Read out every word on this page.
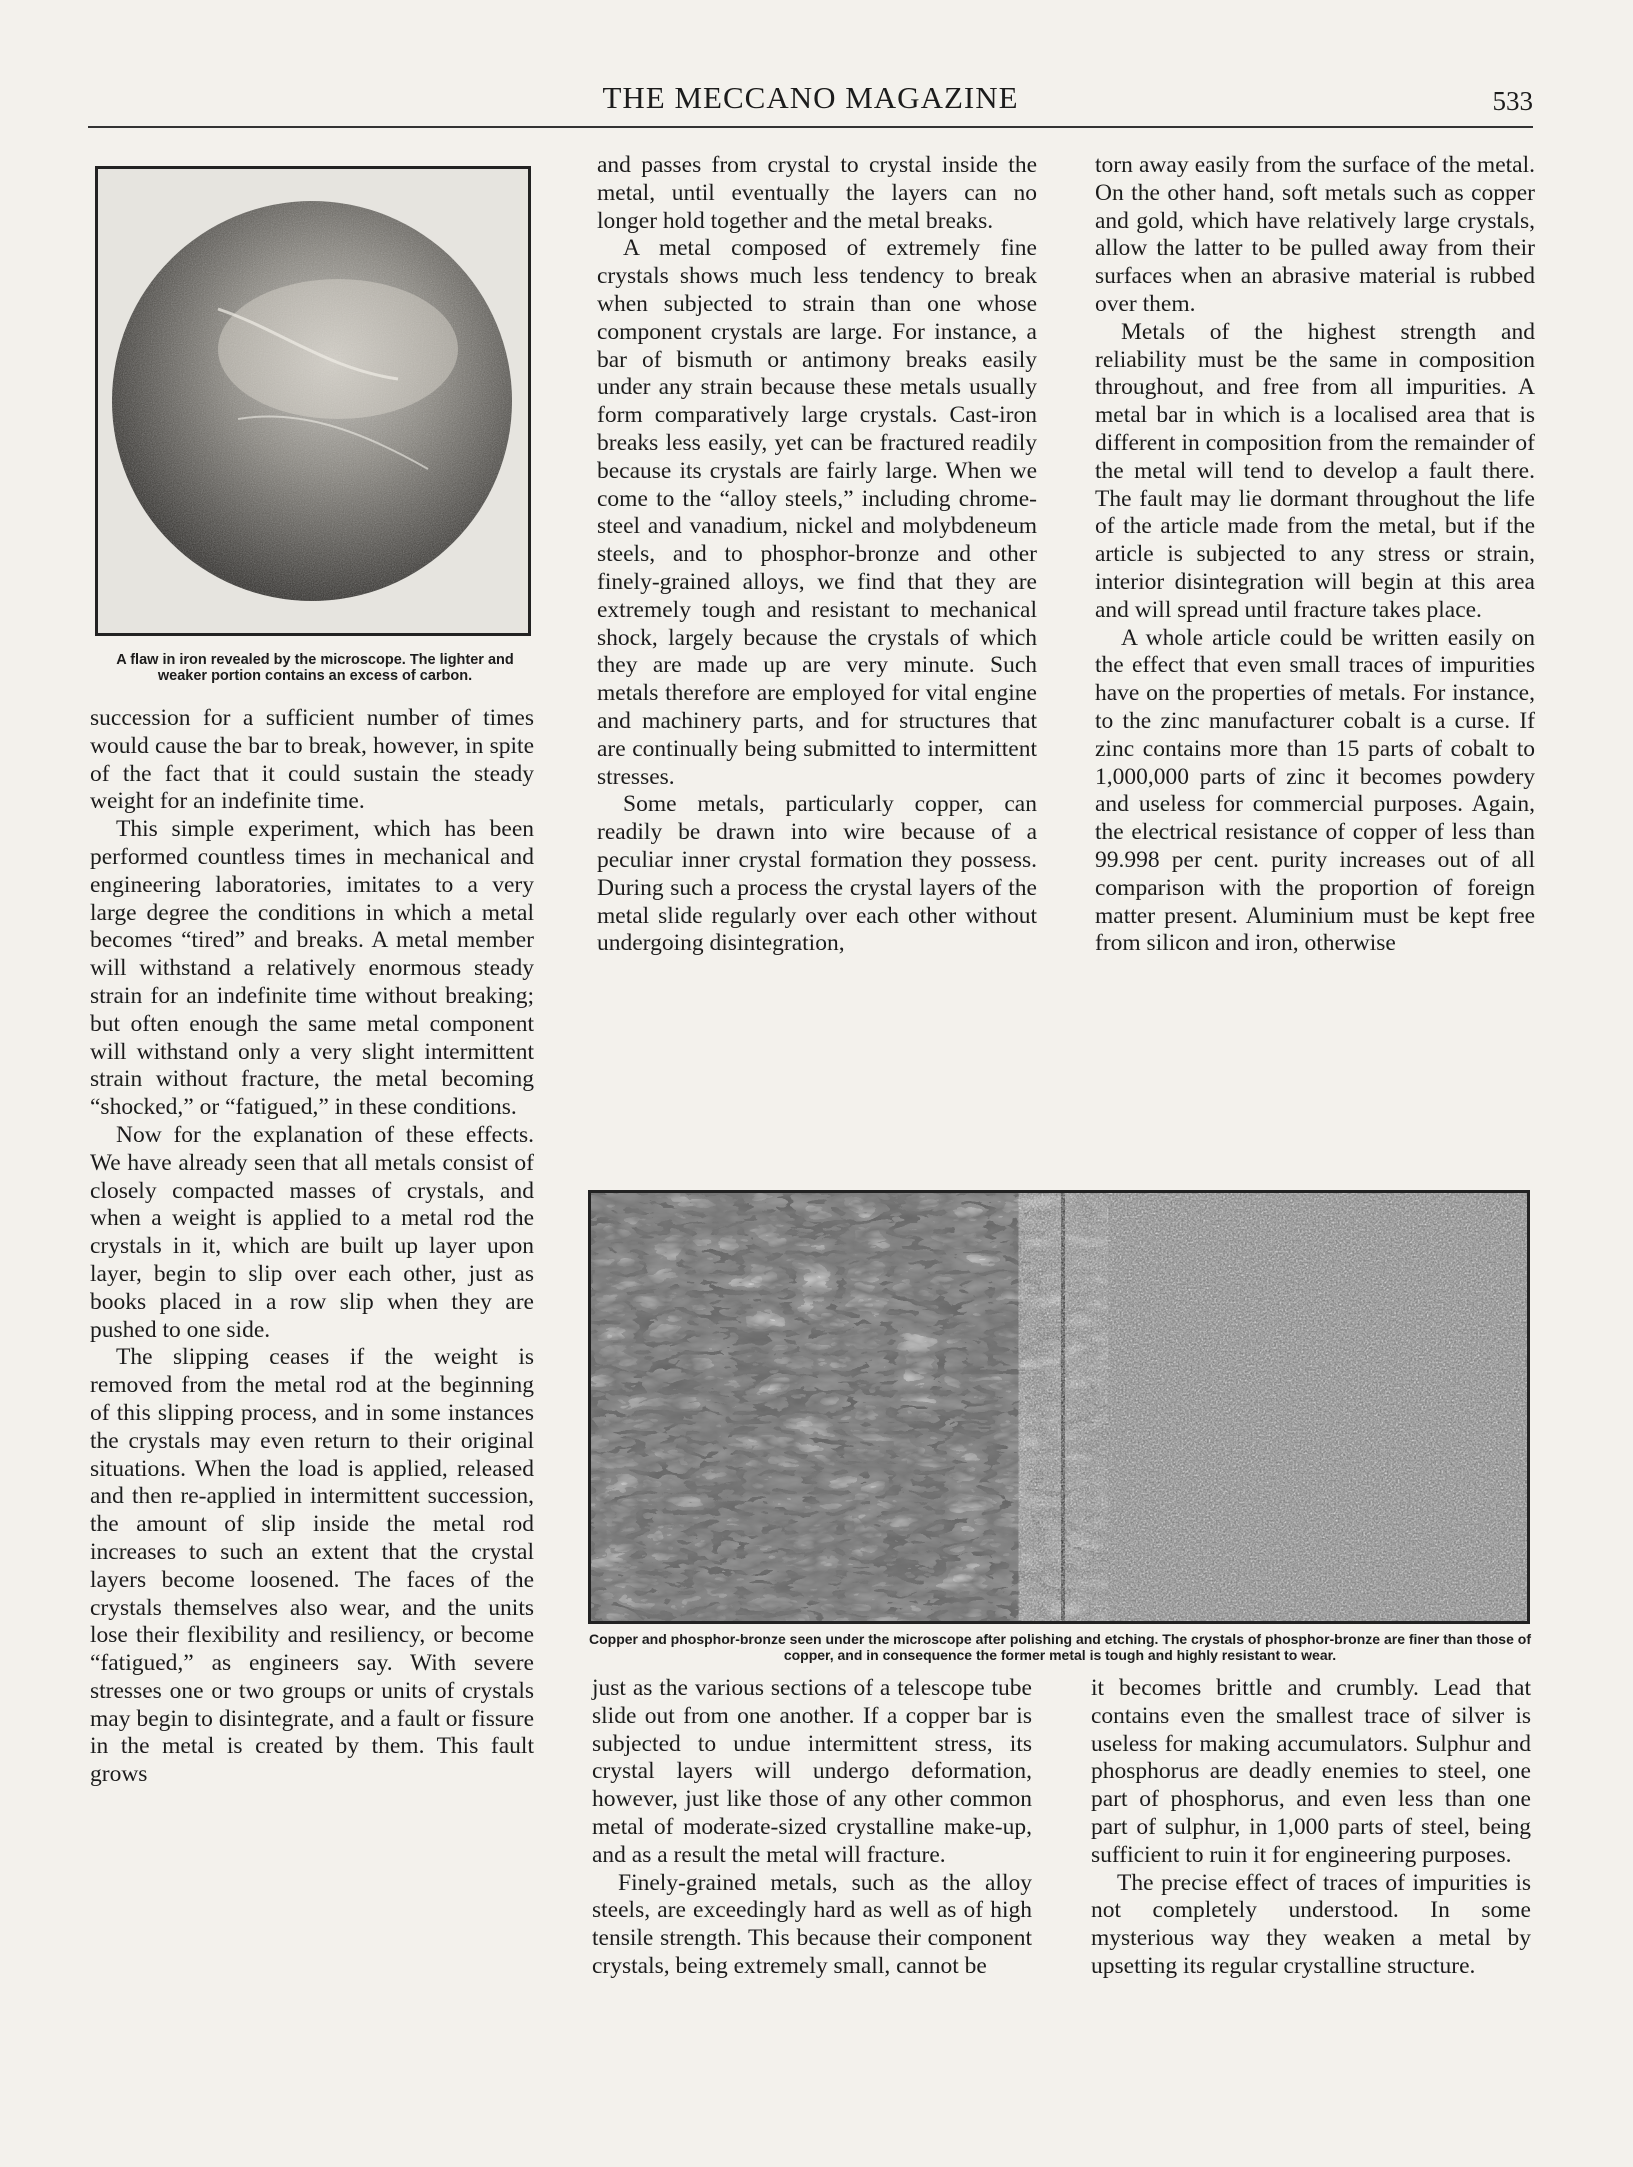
THE MECCANO MAGAZINE	533
A flaw in iron revealed by the microscope. The lighter and weaker portion contains an excess of carbon.

succession for a sufficient number of times would cause the bar to break, however, in spite of the fact that it could sustain the steady weight for an indefinite time.

This simple experiment, which has been performed countless times in mechanical and engineering laboratories, imitates to a very large degree the conditions in which a metal becomes “tired” and breaks. A metal member will withstand a relatively enormous steady strain for an indefinite time without breaking; but often enough the same metal component will withstand only a very slight intermittent strain without fracture, the metal becoming “shocked,” or “fatigued,” in these conditions.

Now for the explanation of these effects. We have already seen that all metals consist of closely compacted masses of crystals, and when a weight is applied to a metal rod the crystals in it, which are built up layer upon layer, begin to slip over each other, just as books placed in a row slip when they are pushed to one side.

The slipping ceases if the weight is removed from the metal rod at the beginning of this slipping process, and in some instances the crystals may even return to their original situations. When the load is applied, released and then re-applied in intermittent succession, the amount of slip inside the metal rod increases to such an extent that the crystal layers become loosened. The faces of the crystals themselves also wear, and the units lose their flexibility and resiliency, or become “fatigued,” as engineers say. With severe stresses one or two groups or units of crystals may begin to disintegrate, and a fault or fissure in the metal is created by them. This fault grows

and passes from crystal to crystal inside the metal, until eventually the layers can no longer hold together and the metal breaks.

A metal composed of extremely fine crystals shows much less tendency to break when subjected to strain than one whose component crystals are large. For instance, a bar of bismuth or antimony breaks easily under any strain because these metals usually form comparatively large crystals. Cast-iron breaks less easily, yet can be fractured readily because its crystals are fairly large. When we come to the “alloy steels,” including chrome-steel and vanadium, nickel and molybdeneum steels, and to phosphor-bronze and other finely-grained alloys, we find that they are extremely tough and resistant to mechanical shock, largely because the crystals of which they are made up are very minute. Such metals therefore are employed for vital engine and machinery parts, and for structures that are continually being submitted to intermittent stresses.

Some metals, particularly copper, can readily be drawn into wire because of a peculiar inner crystal formation they possess. During such a process the crystal layers of the metal slide regularly over each other without undergoing disintegration,

torn away easily from the surface of the metal. On the other hand, soft metals such as copper and gold, which have relatively large crystals, allow the latter to be pulled away from their surfaces when an abrasive material is rubbed over them.

Metals of the highest strength and reliability must be the same in composition throughout, and free from all impurities. A metal bar in which is a localised area that is different in composition from the remainder of the metal will tend to develop a fault there. The fault may lie dormant throughout the life of the article made from the metal, but if the article is subjected to any stress or strain, interior disintegration will begin at this area and will spread until fracture takes place.

A whole article could be written easily on the effect that even small traces of impurities have on the properties of metals. For instance, to the zinc manufacturer cobalt is a curse. If zinc contains more than 15 parts of cobalt to 1,000,000 parts of zinc it becomes powdery and useless for commercial purposes. Again, the electrical resistance of copper of less than 99.998 per cent. purity increases out of all comparison with the proportion of foreign matter present. Aluminium must be kept free from silicon and iron, otherwise

Copper and phosphor-bronze seen under the microscope after polishing and etching. The crystals of phosphor-bronze are finer than those of copper, and in consequence the former metal is tough and highly resistant to wear.

just as the various sections of a telescope tube slide out from one another. If a copper bar is subjected to undue intermittent stress, its crystal layers will undergo deformation, however, just like those of any other common metal of moderate-sized crystalline make-up, and as a result the metal will fracture.

Finely-grained metals, such as the alloy steels, are exceedingly hard as well as of high tensile strength. This because their component crystals, being extremely small, cannot be

it becomes brittle and crumbly. Lead that contains even the smallest trace of silver is useless for making accumulators. Sulphur and phosphorus are deadly enemies to steel, one part of phosphorus, and even less than one part of sulphur, in 1,000 parts of steel, being sufficient to ruin it for engineering purposes.

The precise effect of traces of impurities is not completely understood. In some mysterious way they weaken a metal by upsetting its regular crystalline structure.
